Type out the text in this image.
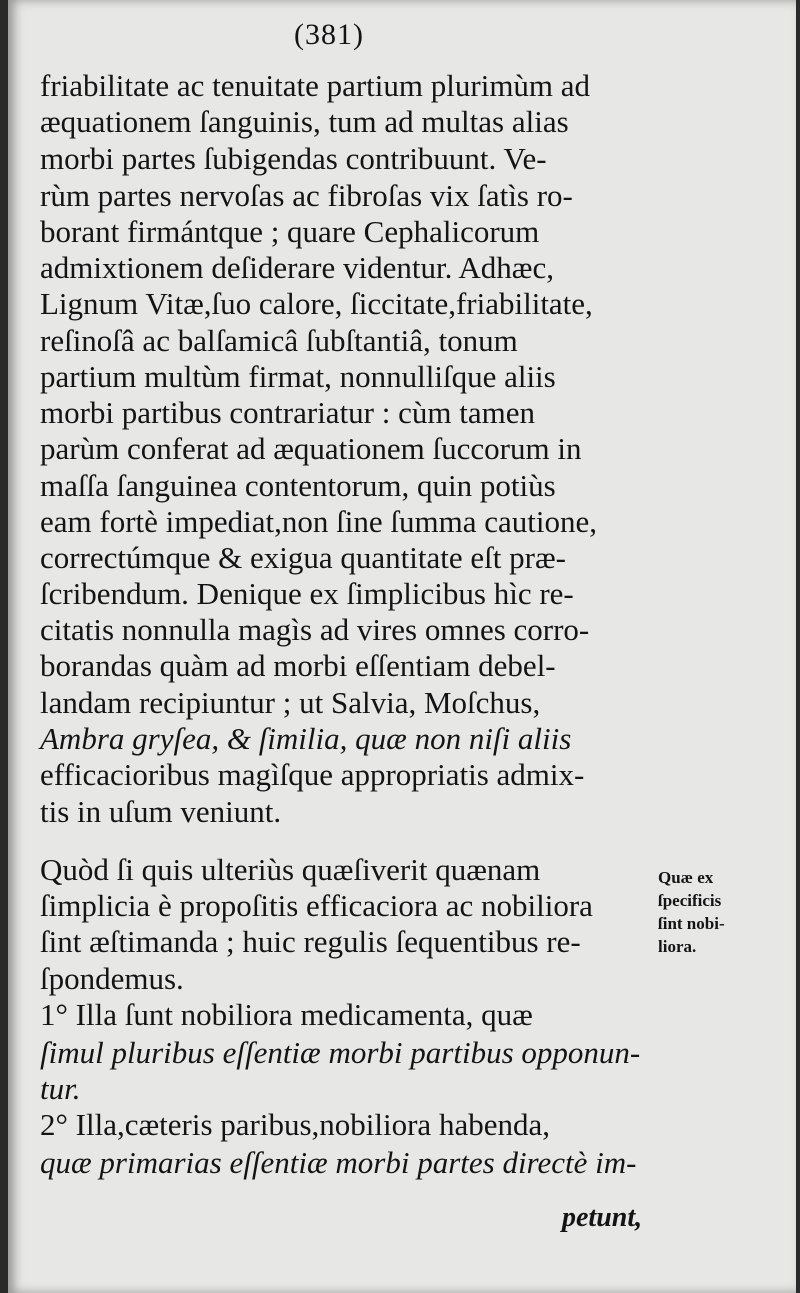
(381)
friabilitate ac tenuitate partium plurimùm ad
æquationem ſanguinis, tum ad multas alias
morbi partes ſubigendas contribuunt. Ve-
rùm partes nervoſas ac fibroſas vix ſatìs ro-
borant firmántque ; quare Cephalicorum
admixtionem deſiderare videntur. Adhæc,
Lignum Vitæ,ſuo calore, ſiccitate,friabilitate,
reſinoſâ ac balſamicâ ſubſtantiâ, tonum
partium multùm firmat, nonnulliſque aliis
morbi partibus contrariatur : cùm tamen
parùm conferat ad æquationem ſuccorum in
maſſa ſanguinea contentorum, quin potiùs
eam fortè impediat,non ſine ſumma cautione,
correctúmque & exigua quantitate eſt præ-
ſcribendum. Denique ex ſimplicibus hìc re-
citatis nonnulla magìs ad vires omnes corro-
borandas quàm ad morbi eſſentiam debel-
landam recipiuntur ; ut Salvia, Moſchus,
Ambra gryſea, & ſimilia, quæ non niſi aliis
efficacioribus magìſque appropriatis admix-
tis in uſum veniunt.
Quòd ſi quis ulteriùs quæſiverit quænam
ſimplicia è propoſitis efficaciora ac nobiliora
ſint æſtimanda ; huic regulis ſequentibus re-
ſpondemus.
1° Illa ſunt nobiliora medicamenta, quæ
ſimul pluribus eſſentiæ morbi partibus opponun-
tur.
2° Illa,cæteris paribus,nobiliora habenda,
quæ primarias eſſentiæ morbi partes directè im-
Quæ ex
ſpecificis
ſint nobi-
liora.
petunt,
